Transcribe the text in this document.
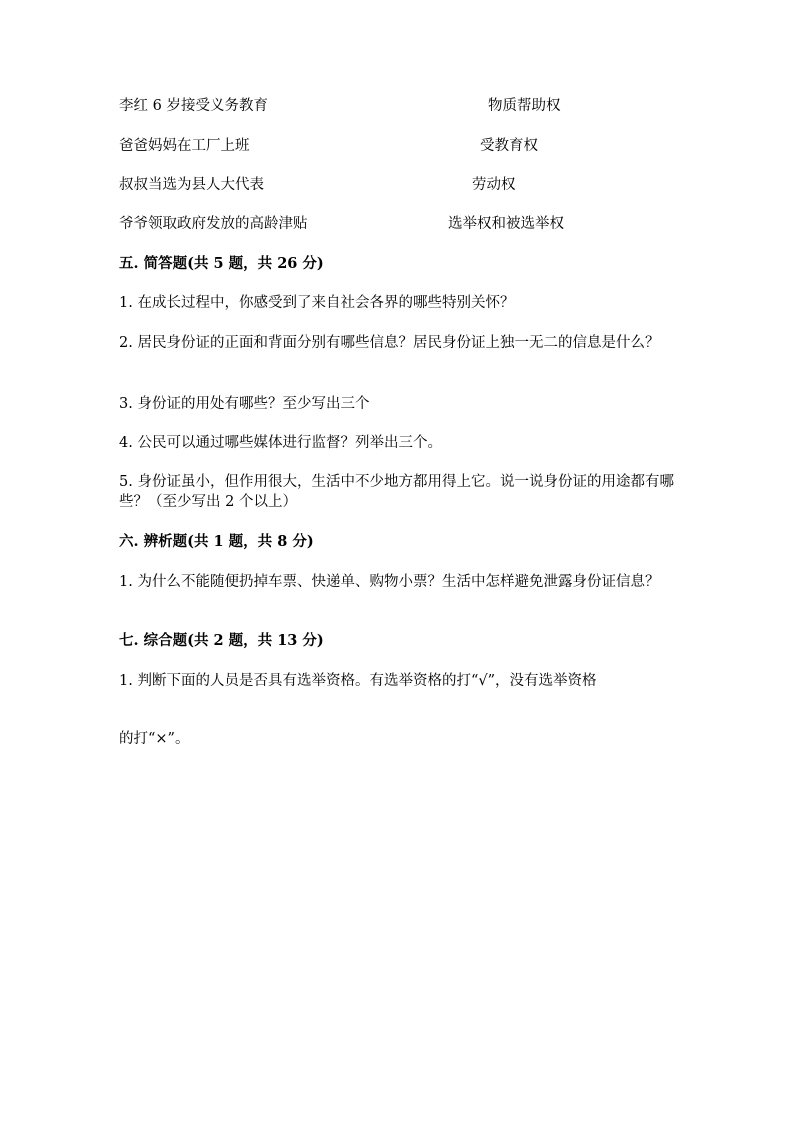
李红 6 岁接受义务教育	物质帮助权
爸爸妈妈在工厂上班	受教育权
叔叔当选为县人大代表	劳动权
爷爷领取政府发放的高龄津贴	选举权和被选举权
五. 简答题(共 5 题，共 26 分)
1. 在成长过程中，你感受到了来自社会各界的哪些特别关怀？
2. 居民身份证的正面和背面分别有哪些信息？居民身份证上独一无二的信息是什么？
3. 身份证的用处有哪些？至少写出三个
4. 公民可以通过哪些媒体进行监督？列举出三个。
5. 身份证虽小，但作用很大，生活中不少地方都用得上它。说一说身份证的用途都有哪些？（至少写出 2 个以上）
六. 辨析题(共 1 题，共 8 分)
1. 为什么不能随便扔掉车票、快递单、购物小票？生活中怎样避免泄露身份证信息？
七. 综合题(共 2 题，共 13 分)
1. 判断下面的人员是否具有选举资格。有选举资格的打“√”，没有选举资格
的打“×”。
